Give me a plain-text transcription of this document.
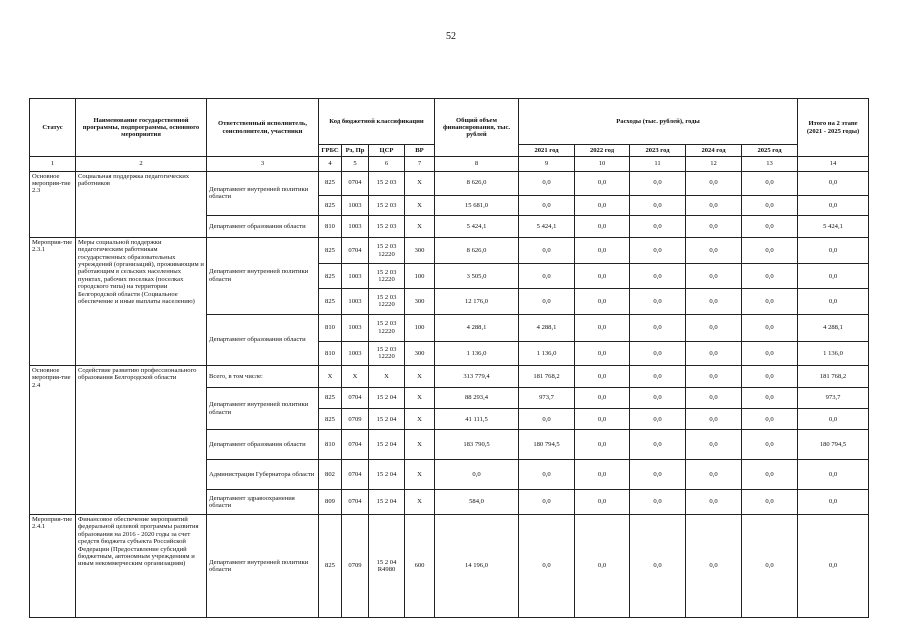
52
Статус	Наименование государственной программы, подпрограммы, основного мероприятия	Ответственный исполнитель, соисполнители, участники	Код бюджетной классификации				Общий объем финансирования, тыс. рублей	Расходы (тыс. рублей), годы					Итого на 2 этапе (2021 - 2025 годы)
			ГРБС	Рз, Пр	ЦСР	ВР		2021 год	2022 год	2023 год	2024 год	2025 год	
1	2	3	4	5	6	7	8	9	10	11	12	13	14
Основное мероприя-тие 2.3	Социальная поддержка педагогических работников	Департамент внутренней политики области	825	0704	15 2 03	Х	8 626,0	0,0	0,0	0,0	0,0	0,0	0,0
			825	1003	15 2 03	Х	15 681,0	0,0	0,0	0,0	0,0	0,0	0,0
		Департамент образования области	810	1003	15 2 03	Х	5 424,1	5 424,1	0,0	0,0	0,0	0,0	5 424,1
Мероприя-тие 2.3.1	Меры социальной поддержки педагогическим работникам государственных образовательных учреждений (организаций), проживающим и работающим в сельских населенных пунктах, рабочих поселках (поселках городского типа) на территории Белгородской области (Социальное обеспечение и иные выплаты населению)	Департамент внутренней политики области	825	0704	15 2 03 12220	300	8 626,0	0,0	0,0	0,0	0,0	0,0	0,0
			825	1003	15 2 03 12220	100	3 505,0	0,0	0,0	0,0	0,0	0,0	0,0
			825	1003	15 2 03 12220	300	12 176,0	0,0	0,0	0,0	0,0	0,0	0,0
		Департамент образования области	810	1003	15 2 03 12220	100	4 288,1	4 288,1	0,0	0,0	0,0	0,0	4 288,1
			810	1003	15 2 03 12220	300	1 136,0	1 136,0	0,0	0,0	0,0	0,0	1 136,0
Основное мероприя-тие 2.4	Содействие развитию профессионального образования Белгородской области	Всего, в том числе:	Х	Х	Х	Х	313 779,4	181 768,2	0,0	0,0	0,0	0,0	181 768,2
		Департамент внутренней политики области	825	0704	15 2 04	Х	88 293,4	973,7	0,0	0,0	0,0	0,0	973,7
			825	0709	15 2 04	Х	41 111,5	0,0	0,0	0,0	0,0	0,0	0,0
		Департамент образования области	810	0704	15 2 04	Х	183 790,5	180 794,5	0,0	0,0	0,0	0,0	180 794,5
		Администрация Губернатора области	802	0704	15 2 04	Х	0,0	0,0	0,0	0,0	0,0	0,0	0,0
		Департамент здравоохранения области	809	0704	15 2 04	Х	584,0	0,0	0,0	0,0	0,0	0,0	0,0
Мероприя-тие 2.4.1	Финансовое обеспечение мероприятий федеральной целевой программы развития образования на 2016 - 2020 годы за счет средств бюджета субъекта Российской Федерации (Предоставление субсидий бюджетным, автономным учреждениям и иным некоммерческим организациям)	Департамент внутренней политики области	825	0709	15 2 04 R4980	600	14 196,0	0,0	0,0	0,0	0,0	0,0	0,0
